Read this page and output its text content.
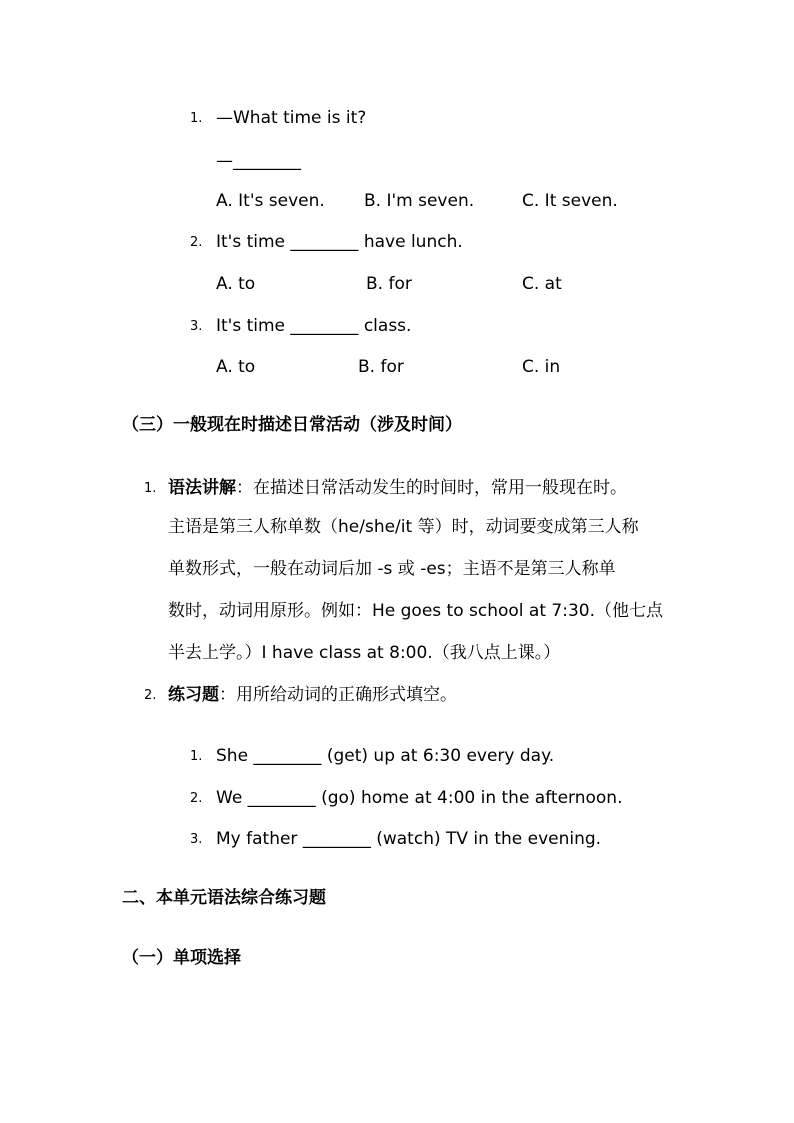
1. —What time is it?
—________
A. It's seven. B. I'm seven.	C. It seven.
2. It's time ________ have lunch.
A. to	B. for	C. at
3. It's time ________ class.
A. to	B. for	C. in
（三）一般现在时描述日常活动（涉及时间）
1. 语法讲解：在描述日常活动发生的时间时，常用一般现在时。
主语是第三人称单数（he/she/it 等）时，动词要变成第三人称
单数形式，一般在动词后加 -s 或 -es；主语不是第三人称单
数时，动词用原形。例如：He goes to school at 7:30.（他七点
半去上学。）I have class at 8:00.（我八点上课。）
2. 练习题：用所给动词的正确形式填空。
1. She ________ (get) up at 6:30 every day.
2. We ________ (go) home at 4:00 in the afternoon.
3. My father ________ (watch) TV in the evening.
二、本单元语法综合练习题
（一）单项选择
